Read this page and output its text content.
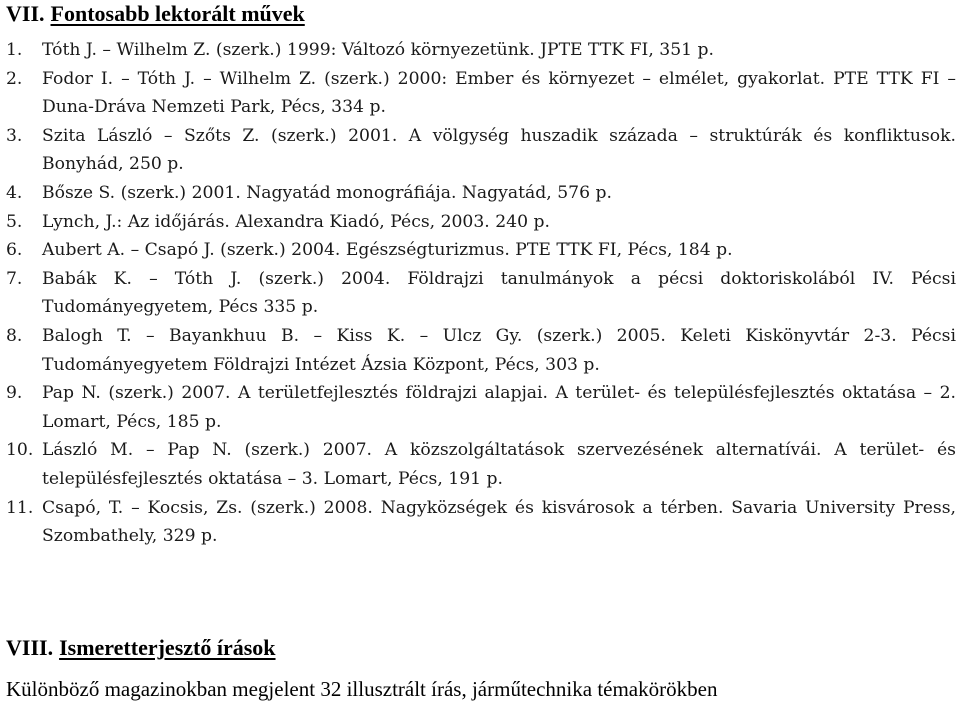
VII. Fontosabb lektorált művek
1. Tóth J. – Wilhelm Z. (szerk.) 1999: Változó környezetünk. JPTE TTK FI, 351 p.
2. Fodor I. – Tóth J. – Wilhelm Z. (szerk.) 2000: Ember és környezet – elmélet, gyakorlat. PTE TTK FI – Duna-Dráva Nemzeti Park, Pécs, 334 p.
3. Szita László – Szőts Z. (szerk.) 2001. A völgység huszadik százada – struktúrák és konfliktusok. Bonyhád, 250 p.
4. Bősze S. (szerk.) 2001. Nagyatád monográfiája. Nagyatád, 576 p.
5. Lynch, J.: Az időjárás. Alexandra Kiadó, Pécs, 2003. 240 p.
6. Aubert A. – Csapó J. (szerk.) 2004. Egészségturizmus. PTE TTK FI, Pécs, 184 p.
7. Babák K. – Tóth J. (szerk.) 2004. Földrajzi tanulmányok a pécsi doktoriskolából IV. Pécsi Tudományegyetem, Pécs 335 p.
8. Balogh T. – Bayankhuu B. – Kiss K. – Ulcz Gy. (szerk.) 2005. Keleti Kiskönyvtár 2-3. Pécsi Tudományegyetem Földrajzi Intézet Ázsia Központ, Pécs, 303 p.
9. Pap N. (szerk.) 2007. A területfejlesztés földrajzi alapjai. A terület- és településfejlesztés oktatása – 2. Lomart, Pécs, 185 p.
10. László M. – Pap N. (szerk.) 2007. A közszolgáltatások szervezésének alternatívái. A terület- és településfejlesztés oktatása – 3. Lomart, Pécs, 191 p.
11. Csapó, T. – Kocsis, Zs. (szerk.) 2008. Nagyközségek és kisvárosok a térben. Savaria University Press, Szombathely, 329 p.
VIII. Ismeretterjesztő írások
Különböző magazinokban megjelent 32 illusztrált írás, járműtechnika témakörökben
